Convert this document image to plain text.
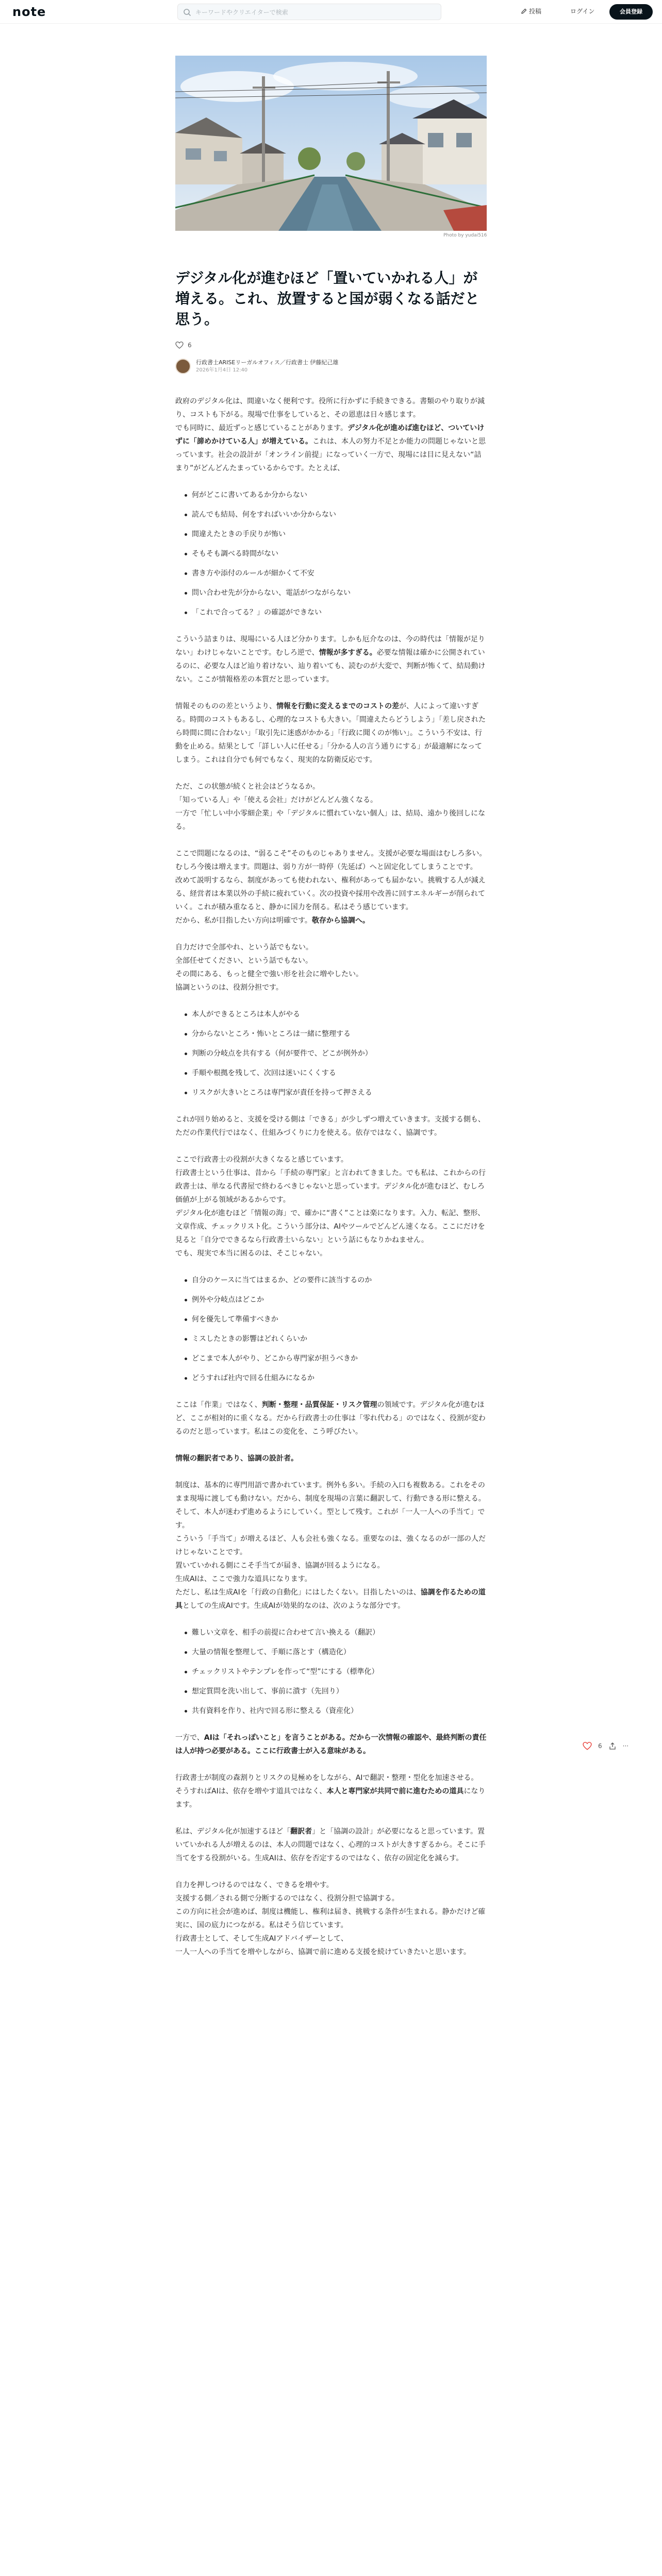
note	キーワードやクリエイターで検索	投稿	ログイン	会員登録
Photo by yudai516
デジタル化が進むほど「置いていかれる人」が増える。これ、放置すると国が弱くなる話だと思う。
6
行政書士ARISEリーガルオフィス／行政書士 伊藤紀己雄
2026年1月4日 12:40

政府のデジタル化は、間違いなく便利です。役所に行かずに手続きできる。書類のやり取りが減り、コストも下がる。現場で仕事をしていると、その恩恵は日々感じます。
でも同時に、最近ずっと感じていることがあります。デジタル化が進めば進むほど、ついていけずに「諦めかけている人」が増えている。これは、本人の努力不足とか能力の問題じゃないと思っています。社会の設計が「オンライン前提」になっていく一方で、現場には目に見えない“詰まり”がどんどんたまっているからです。たとえば、

何がどこに書いてあるか分からない
読んでも結局、何をすればいいか分からない
間違えたときの手戻りが怖い
そもそも調べる時間がない
書き方や添付のルールが細かくて不安
問い合わせ先が分からない、電話がつながらない
「これで合ってる？」の確認ができない

こういう詰まりは、現場にいる人ほど分かります。しかも厄介なのは、今の時代は「情報が足りない」わけじゃないことです。むしろ逆で、情報が多すぎる。必要な情報は確かに公開されているのに、必要な人ほど辿り着けない、辿り着いても、読むのが大変で、判断が怖くて、結局動けない。ここが情報格差の本質だと思っています。

情報そのものの差というより、情報を行動に変えるまでのコストの差が、人によって違いすぎる。時間のコストもあるし、心理的なコストも大きい。「間違えたらどうしよう」「差し戻されたら時間に間に合わない」「取引先に迷惑がかかる」「行政に聞くのが怖い」。こういう不安は、行動を止める。結果として「詳しい人に任せる」「分かる人の言う通りにする」が最適解になってしまう。これは自分でも何でもなく、現実的な防衛反応です。

ただ、この状態が続くと社会はどうなるか。
「知っている人」や「使える会社」だけがどんどん強くなる。
一方で「忙しい中小零細企業」や「デジタルに慣れていない個人」は、結局、遠かり後回しになる。

ここで問題になるのは、“弱るこそ”そのものじゃありません。支援が必要な場面はむしろ多い。むしろ今後は増えます。問題は、弱り方が一時停（先延ば）へと固定化してしまうことです。
改めて説明するなら、制度があっても使われない、権利があっても届かない。挑戦する人が減える、経営者は本業以外の手続に疲れていく。次の投資や採用や改善に回すエネルギーが削られていく。これが積み重なると、静かに国力を削る。私はそう感じています。
だから、私が目指したい方向は明確です。敬存から協調へ。

自力だけで全部やれ、という話でもない。
全部任せてください、という話でもない。
その間にある、もっと健全で強い形を社会に増やしたい。
協調というのは、役割分担です。

本人ができるところは本人がやる
分からないところ・怖いところは一緒に整理する
判断の分岐点を共有する（何が要件で、どこが例外か）
手順や根拠を残して、次回は迷いにくくする
リスクが大きいところは専門家が責任を持って押さえる

これが回り始めると、支援を受ける側は「できる」が少しずつ増えていきます。支援する側も、ただの作業代行ではなく、仕組みづくりに力を使える。依存ではなく、協調です。

ここで行政書士の役割が大きくなると感じています。
行政書士という仕事は、昔から「手続の専門家」と言われてきました。でも私は、これからの行政書士は、単なる代書屋で終わるべきじゃないと思っています。デジタル化が進むほど、むしろ価値が上がる領域があるからです。
デジタル化が進むほど「情報の海」で、確かに“書く”ことは楽になります。入力、転記、整形、文章作成、チェックリスト化。こういう部分は、AIやツールでどんどん速くなる。ここにだけを見ると「自分でできるなら行政書士いらない」という話にもなりかねません。
でも、現実で本当に困るのは、そこじゃない。

自分のケースに当てはまるか、どの要件に該当するのか
例外や分岐点はどこか
何を優先して準備すべきか
ミスしたときの影響はどれくらいか
どこまで本人がやり、どこから専門家が担うべきか
どうすれば社内で回る仕組みになるか

ここは「作業」ではなく、判断・整理・品質保証・リスク管理の領域です。デジタル化が進むほど、ここが相対的に重くなる。だから行政書士の仕事は「零れ代わる」のではなく、役割が変わるのだと思っています。私はこの変化を、こう呼びたい。

情報の翻訳者であり、協調の設計者。

制度は、基本的に専門用語で書かれています。例外も多い。手続の入口も複数ある。これをそのまま現場に渡しても動けない。だから、制度を現場の言葉に翻訳して、行動できる形に整える。そして、本人が迷わず進めるようにしていく。型として残す。これが「一人一人への手当て」です。
こういう「手当て」が増えるほど、人も会社も強くなる。重要なのは、強くなるのが一部の人だけじゃないことです。
置いていかれる側にこそ手当てが届き、協調が回るようになる。
生成AIは、ここで強力な道具になります。
ただし、私は生成AIを「行政の自動化」にはしたくない。目指したいのは、協調を作るための道具としての生成AIです。生成AIが効果的なのは、次のような部分です。

難しい文章を、相手の前提に合わせて言い換える（翻訳）
大量の情報を整理して、手順に落とす（構造化）
チェックリストやテンプレを作って“型”にする（標準化）
想定質問を洗い出して、事前に潰す（先回り）
共有資料を作り、社内で回る形に整える（資産化）

一方で、AIは「それっぽいこと」を言うことがある。だから一次情報の確認や、最終判断の責任は人が持つ必要がある。ここに行政書士が入る意味がある。

行政書士が制度の森割りとリスクの見極めをしながら、AIで翻訳・整理・型化を加速させる。
そうすればAIは、依存を増やす道具ではなく、本人と専門家が共同で前に進むための道具になります。

私は、デジタル化が加速するほど「翻訳者」と「協調の設計」が必要になると思っています。置いていかれる人が増えるのは、本人の問題ではなく、心理的コストが大きすぎるから。そこに手当てをする役割がいる。生成AIは、依存を否定するのではなく、依存の固定化を減らす。

自力を押しつけるのではなく、できるを増やす。
支援する側／される側で分断するのではなく、役割分担で協調する。
この方向に社会が進めば、制度は機能し、権利は届き、挑戦する条件が生まれる。静かだけど確実に、国の底力につながる。私はそう信じています。
行政書士として、そして生成AIアドバイザーとして、
一人一人への手当てを増やしながら、協調で前に進める支援を続けていきたいと思います。

6	···
